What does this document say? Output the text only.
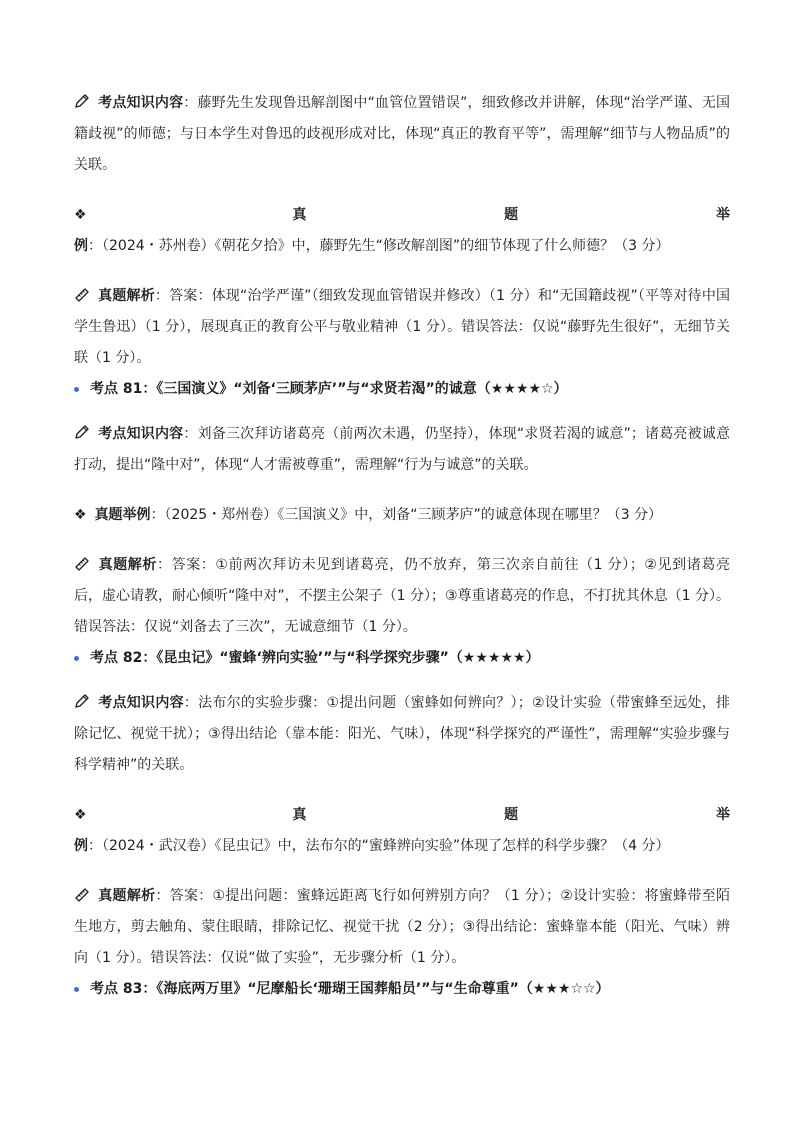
考点知识内容：藤野先生发现鲁迅解剖图中“血管位置错误”，细致修改并讲解，体现“治学严谨、无国籍歧视”的师德；与日本学生对鲁迅的歧视形成对比，体现“真正的教育平等”，需理解“细节与人物品质”的关联。

❖ 真题举例：（2024・苏州卷）《朝花夕拾》中，藤野先生“修改解剖图”的细节体现了什么师德？（3 分）

真题解析：答案：体现“治学严谨”（细致发现血管错误并修改）（1 分）和“无国籍歧视”（平等对待中国学生鲁迅）（1 分），展现真正的教育公平与敬业精神（1 分）。错误答法：仅说“藤野先生很好”，无细节关联（1 分）。

考点 81：《三国演义》“刘备‘三顾茅庐’”与“求贤若渴”的诚意（★★★★☆）

考点知识内容：刘备三次拜访诸葛亮（前两次未遇，仍坚持），体现“求贤若渴的诚意”；诸葛亮被诚意打动，提出“隆中对”，体现“人才需被尊重”，需理解“行为与诚意”的关联。

❖ 真题举例：（2025・郑州卷）《三国演义》中，刘备“三顾茅庐”的诚意体现在哪里？（3 分）

真题解析：答案：①前两次拜访未见到诸葛亮，仍不放弃，第三次亲自前往（1 分）；②见到诸葛亮后，虚心请教，耐心倾听“隆中对”，不摆主公架子（1 分）；③尊重诸葛亮的作息，不打扰其休息（1 分）。错误答法：仅说“刘备去了三次”，无诚意细节（1 分）。

考点 82：《昆虫记》“蜜蜂‘辨向实验’”与“科学探究步骤”（★★★★★）

考点知识内容：法布尔的实验步骤：①提出问题（蜜蜂如何辨向？）；②设计实验（带蜜蜂至远处，排除记忆、视觉干扰）；③得出结论（靠本能：阳光、气味），体现“科学探究的严谨性”，需理解“实验步骤与科学精神”的关联。

❖ 真题举例：（2024・武汉卷）《昆虫记》中，法布尔的“蜜蜂辨向实验”体现了怎样的科学步骤？（4 分）

真题解析：答案：①提出问题：蜜蜂远距离飞行如何辨别方向？（1 分）；②设计实验：将蜜蜂带至陌生地方，剪去触角、蒙住眼睛，排除记忆、视觉干扰（2 分）；③得出结论：蜜蜂靠本能（阳光、气味）辨向（1 分）。错误答法：仅说“做了实验”，无步骤分析（1 分）。

考点 83：《海底两万里》“尼摩船长‘珊瑚王国葬船员’”与“生命尊重”（★★★☆☆）
